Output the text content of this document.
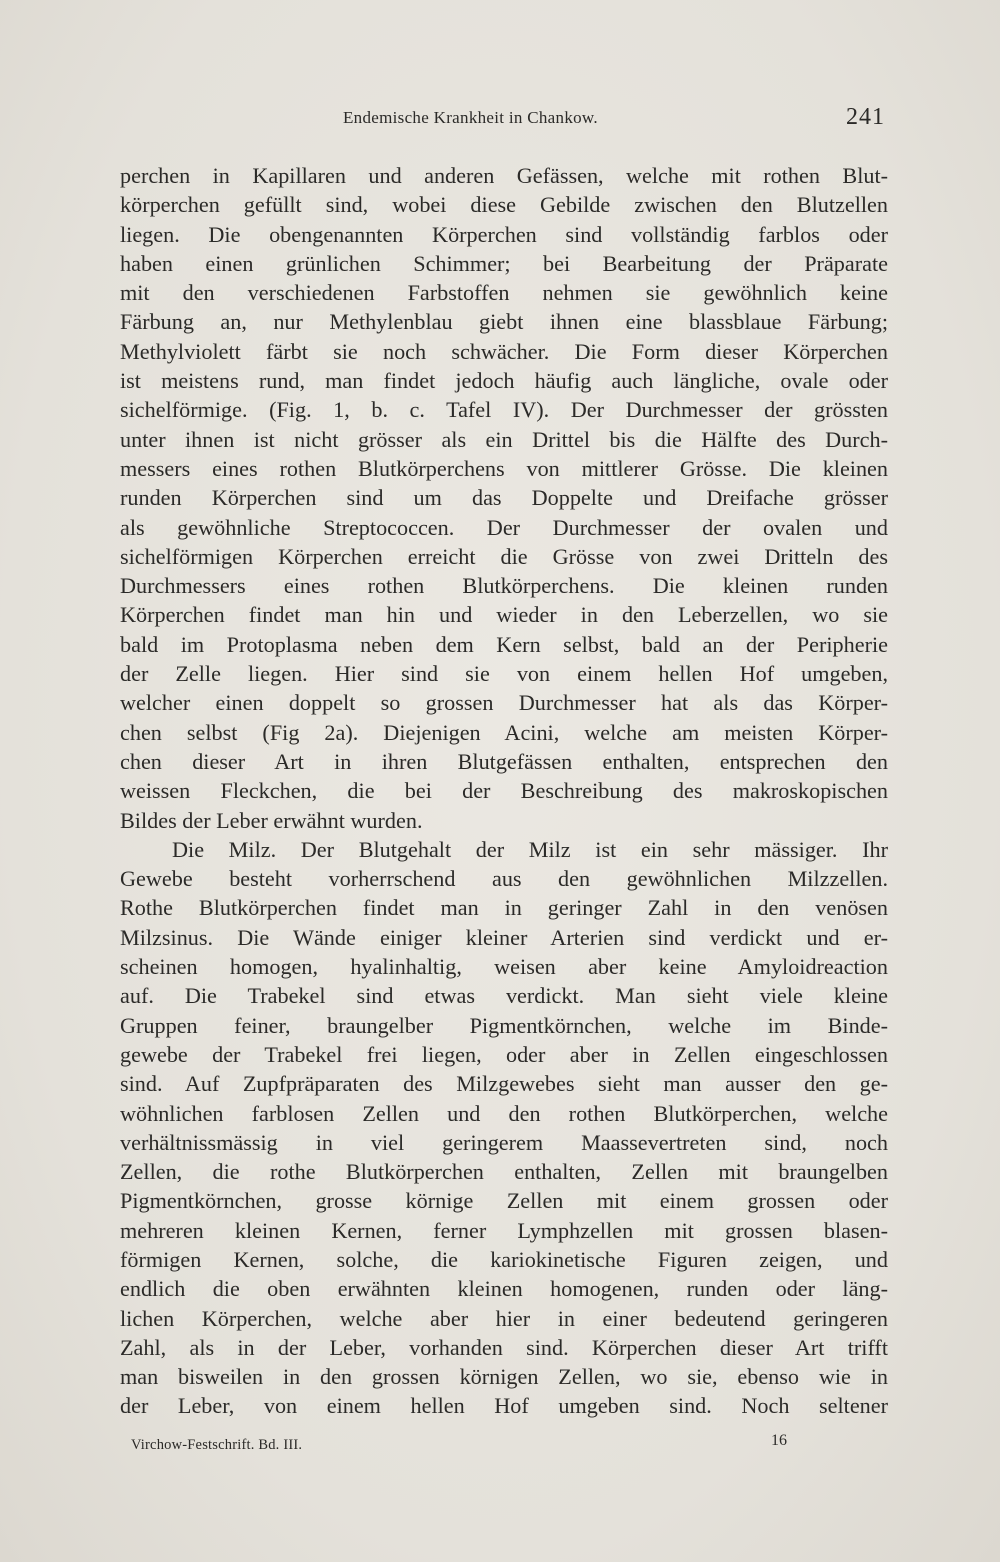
Endemische Krankheit in Chankow.	241
perchen in Kapillaren und anderen Gefässen, welche mit rothen Blut-
körperchen gefüllt sind, wobei diese Gebilde zwischen den Blutzellen
liegen. Die obengenannten Körperchen sind vollständig farblos oder
haben einen grünlichen Schimmer; bei Bearbeitung der Präparate
mit den verschiedenen Farbstoffen nehmen sie gewöhnlich keine
Färbung an, nur Methylenblau giebt ihnen eine blassblaue Färbung;
Methylviolett färbt sie noch schwächer. Die Form dieser Körperchen
ist meistens rund, man findet jedoch häufig auch längliche, ovale oder
sichelförmige. (Fig. 1, b. c. Tafel IV). Der Durchmesser der grössten
unter ihnen ist nicht grösser als ein Drittel bis die Hälfte des Durch-
messers eines rothen Blutkörperchens von mittlerer Grösse. Die kleinen
runden Körperchen sind um das Doppelte und Dreifache grösser
als gewöhnliche Streptococcen. Der Durchmesser der ovalen und
sichelförmigen Körperchen erreicht die Grösse von zwei Dritteln des
Durchmessers eines rothen Blutkörperchens. Die kleinen runden
Körperchen findet man hin und wieder in den Leberzellen, wo sie
bald im Protoplasma neben dem Kern selbst, bald an der Peripherie
der Zelle liegen. Hier sind sie von einem hellen Hof umgeben,
welcher einen doppelt so grossen Durchmesser hat als das Körper-
chen selbst (Fig 2a). Diejenigen Acini, welche am meisten Körper-
chen dieser Art in ihren Blutgefässen enthalten, entsprechen den
weissen Fleckchen, die bei der Beschreibung des makroskopischen
Bildes der Leber erwähnt wurden.
Die Milz. Der Blutgehalt der Milz ist ein sehr mässiger. Ihr
Gewebe besteht vorherrschend aus den gewöhnlichen Milzzellen.
Rothe Blutkörperchen findet man in geringer Zahl in den venösen
Milzsinus. Die Wände einiger kleiner Arterien sind verdickt und er-
scheinen homogen, hyalinhaltig, weisen aber keine Amyloidreaction
auf. Die Trabekel sind etwas verdickt. Man sieht viele kleine
Gruppen feiner, braungelber Pigmentkörnchen, welche im Binde-
gewebe der Trabekel frei liegen, oder aber in Zellen eingeschlossen
sind. Auf Zupfpräparaten des Milzgewebes sieht man ausser den ge-
wöhnlichen farblosen Zellen und den rothen Blutkörperchen, welche
verhältnissmässig in viel geringerem Maassevertreten sind, noch
Zellen, die rothe Blutkörperchen enthalten, Zellen mit braungelben
Pigmentkörnchen, grosse körnige Zellen mit einem grossen oder
mehreren kleinen Kernen, ferner Lymphzellen mit grossen blasen-
förmigen Kernen, solche, die kariokinetische Figuren zeigen, und
endlich die oben erwähnten kleinen homogenen, runden oder läng-
lichen Körperchen, welche aber hier in einer bedeutend geringeren
Zahl, als in der Leber, vorhanden sind. Körperchen dieser Art trifft
man bisweilen in den grossen körnigen Zellen, wo sie, ebenso wie in
der Leber, von einem hellen Hof umgeben sind. Noch seltener
Virchow-Festschrift. Bd. III.	16
